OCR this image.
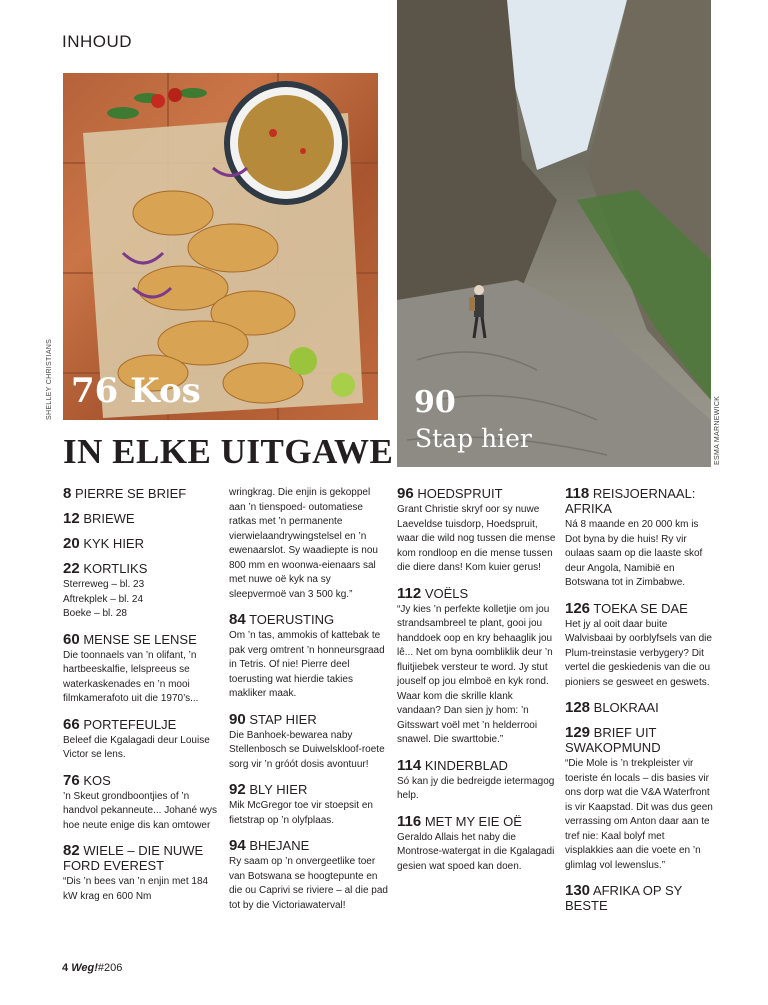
INHOUD
76 Kos
SHELLEY CHRISTIANS	90
Stap hier	ESMA MARNEWICK
IN ELKE UITGAWE
8 PIERRE SE BRIEF
12 BRIEWE
20 KYK HIER
22 KORTLIKS
Sterreweg – bl. 23
Aftrekplek – bl. 24
Boeke – bl. 28
60 MENSE SE LENSE
Die toonnaels van ’n olifant, ’n hartbeeskalfie, lelspreeus se waterkaskenades en ’n mooi filmkamerafoto uit die 1970’s...
66 PORTEFEULJE
Beleef die Kgalagadi deur Louise Victor se lens.
76 KOS
’n Skeut grondboontjies of ’n handvol pekanneute... Johané wys hoe neute enige dis kan omtower
82 WIELE – DIE NUWE FORD EVEREST
“Dis ’n bees van ’n enjin met 184 kW krag en 600 Nm
wringkrag. Die enjin is gekoppel aan ’n tienspoed- outomatiese ratkas met ’n permanente vierwielaandrywingstelsel en ’n ewenaarslot. Sy waadiepte is nou 800 mm en woonwa-eienaars sal met nuwe oë kyk na sy sleepvermoë van 3 500 kg.”
84 TOERUSTING
Om ’n tas, ammokis of kattebak te pak verg omtrent ’n honneursgraad in Tetris. Of nie! Pierre deel toerusting wat hierdie takies makliker maak.
90 STAP HIER
Die Banhoek-bewarea naby Stellenbosch se Duiwelskloof-roete sorg vir ’n gróót dosis avontuur!
92 BLY HIER
Mik McGregor toe vir stoepsit en fietstrap op ’n olyfplaas.
94 BHEJANE
Ry saam op ’n onvergeetlike toer van Botswana se hoogtepunte en die ou Caprivi se rivierе – al die pad tot by die Victoriawaterval!
96 HOEDSPRUIT
Grant Christie skryf oor sy nuwe Laeveldse tuisdorp, Hoedspruit, waar die wild nog tussen die mense kom rondloop en die mense tussen die diere dans! Kom kuier gerus!
112 VOËLS
“Jy kies ’n perfekte kolletjie om jou strandsambreel te plant, gooi jou handdoek oop en kry behaaglik jou lê... Net om byna oombliklik deur ’n fluitjiebek versteur te word. Jy stut jouself op jou elmboë en kyk rond. Waar kom die skrille klank vandaan? Dan sien jy hom: ’n Gitsswart voël met ’n helderrooi snawel. Die swarttobie.”
114 KINDERBLAD
Só kan jy die bedreigde ietermagog help.
116 MET MY EIE OË
Geraldo Allais het naby die Montrose-watergat in die Kgalagadi gesien wat spoed kan doen.
118 REISJOERNAAL: AFRIKA
Ná 8 maande en 20 000 km is Dot byna by die huis! Ry vir oulaas saam op die laaste skof deur Angola, Namibië en Botswana tot in Zimbabwe.
126 TOEKA SE DAE
Het jy al ooit daar buite Walvisbaai by oorblyfsels van die Plum-treinstasie verbygery? Dit vertel die geskiedenis van die ou pioniers se gesweet en geswets.
128 BLOKRAAI
129 BRIEF UIT SWAKOPMUND
“Die Mole is ’n trekpleister vir toeriste én locals – dis basies vir ons dorp wat die V&A Waterfront is vir Kaapstad. Dit was dus geen verrassing om Anton daar aan te tref nie: Kaal bolyf met visplakkies aan die voete en ’n glimlag vol lewenslus.”
130 AFRIKA OP SY BESTE
4 Weg!#206
